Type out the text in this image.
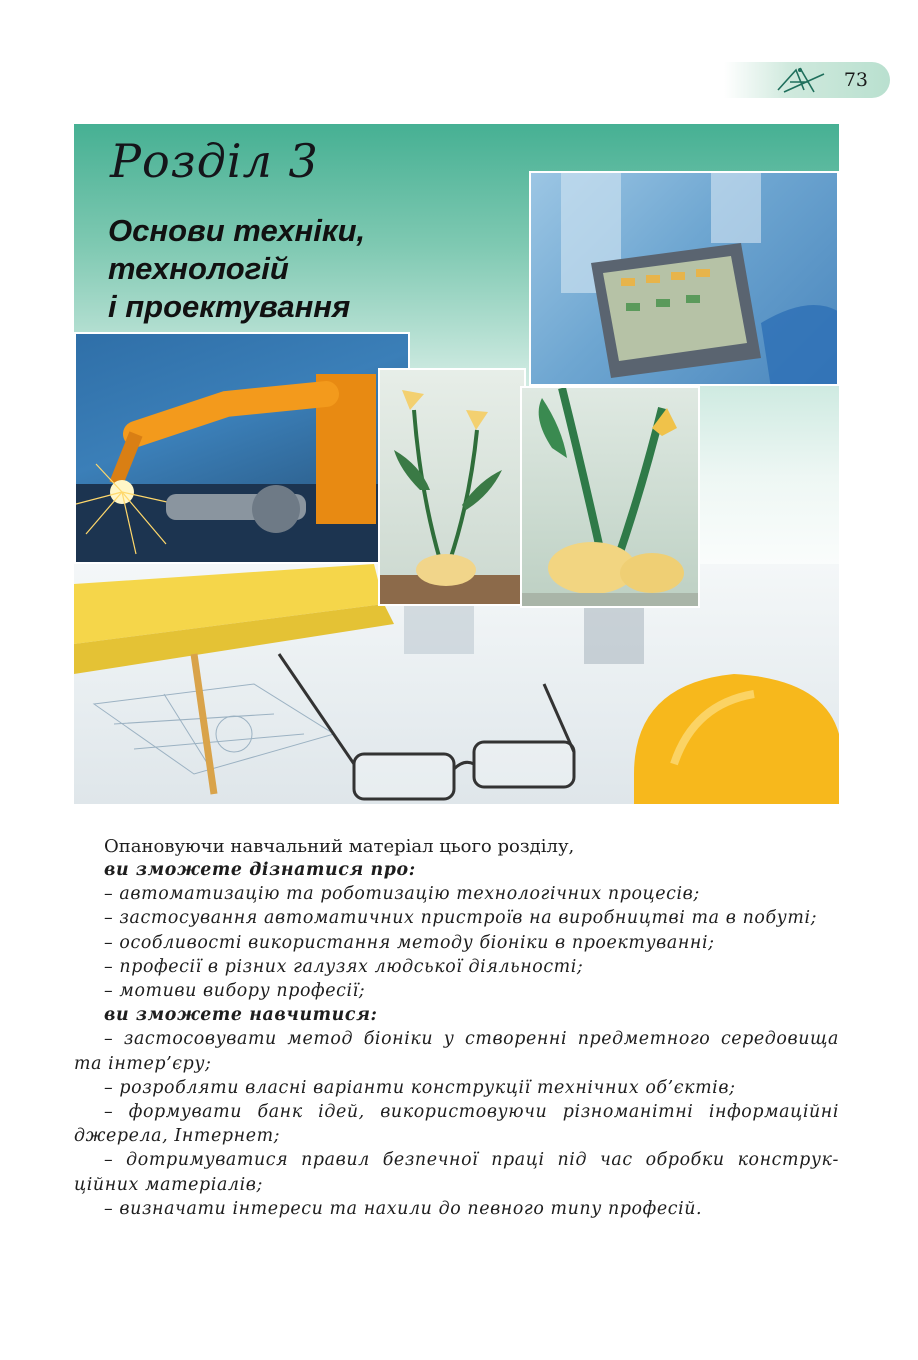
73
Розділ 3
Основи техніки,
технологій
і проектування
Опановуючи навчальний матеріал цього розділу,

ви зможете дізнатися про:

– автоматизацію та роботизацію технологічних процесів;

– застосування автоматичних пристроїв на виробництві та в побуті;

– особливості використання методу біоніки в проектуванні;

– професії в різних галузях людської діяльності;

– мотиви вибору професії;

ви зможете навчитися:

– застосовувати метод біоніки у створенні предметного середовища

та інтер’єру;

– розробляти власні варіанти конструкції технічних об’єктів;

– формувати банк ідей, використовуючи різноманітні інформаційні

джерела, Інтернет;

– дотримуватися правил безпечної праці під час обробки конструк-

ційних матеріалів;

– визначати інтереси та нахили до певного типу професій.
